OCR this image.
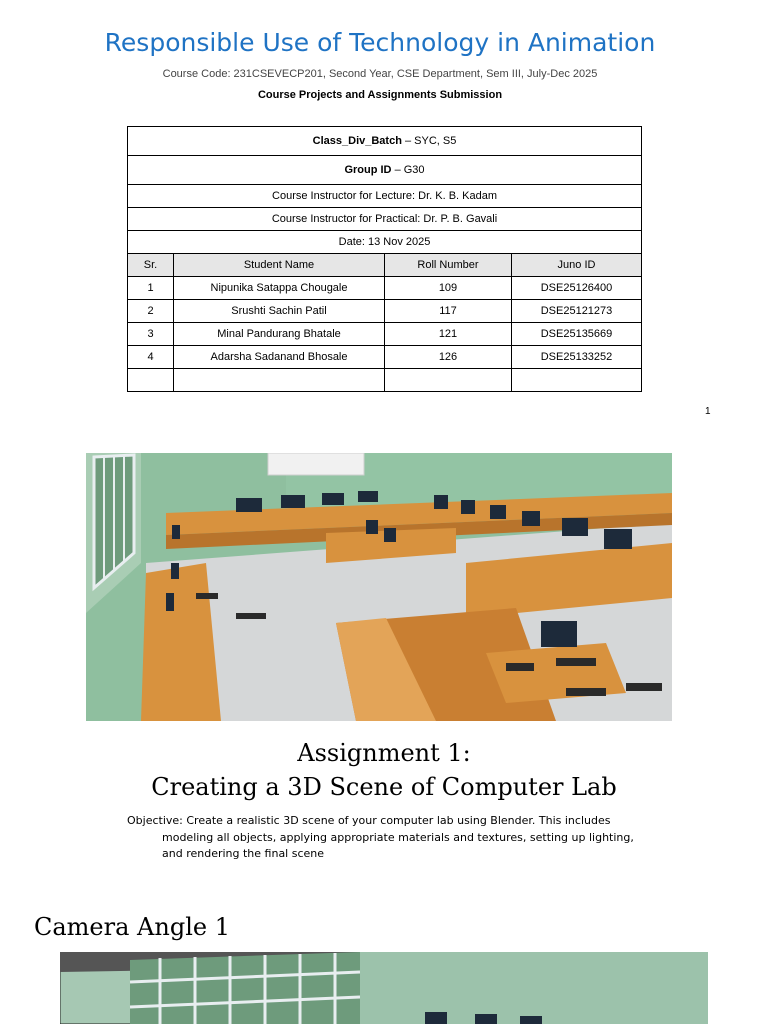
Responsible Use of Technology in Animation
Course Code: 231CSEVECP201, Second Year, CSE Department, Sem III, July-Dec 2025
Course Projects and Assignments Submission
Class_Div_Batch – SYC, S5			
Group ID – G30			
Course Instructor for Lecture: Dr. K. B. Kadam			
Course Instructor for Practical: Dr. P. B. Gavali			
Date: 13 Nov 2025			
Sr.	Student Name	Roll Number	Juno ID
1	Nipunika Satappa Chougale	109	DSE25126400
2	Srushti Sachin Patil	117	DSE25121273
3	Minal Pandurang Bhatale	121	DSE25135669
4	Adarsha Sadanand Bhosale	126	DSE25133252

1
Assignment 1:
Creating a 3D Scene of Computer Lab
Objective: Create a realistic 3D scene of your computer lab using Blender. This includes
modeling all objects, applying appropriate materials and textures, setting up lighting,
and rendering the final scene
Camera Angle 1
